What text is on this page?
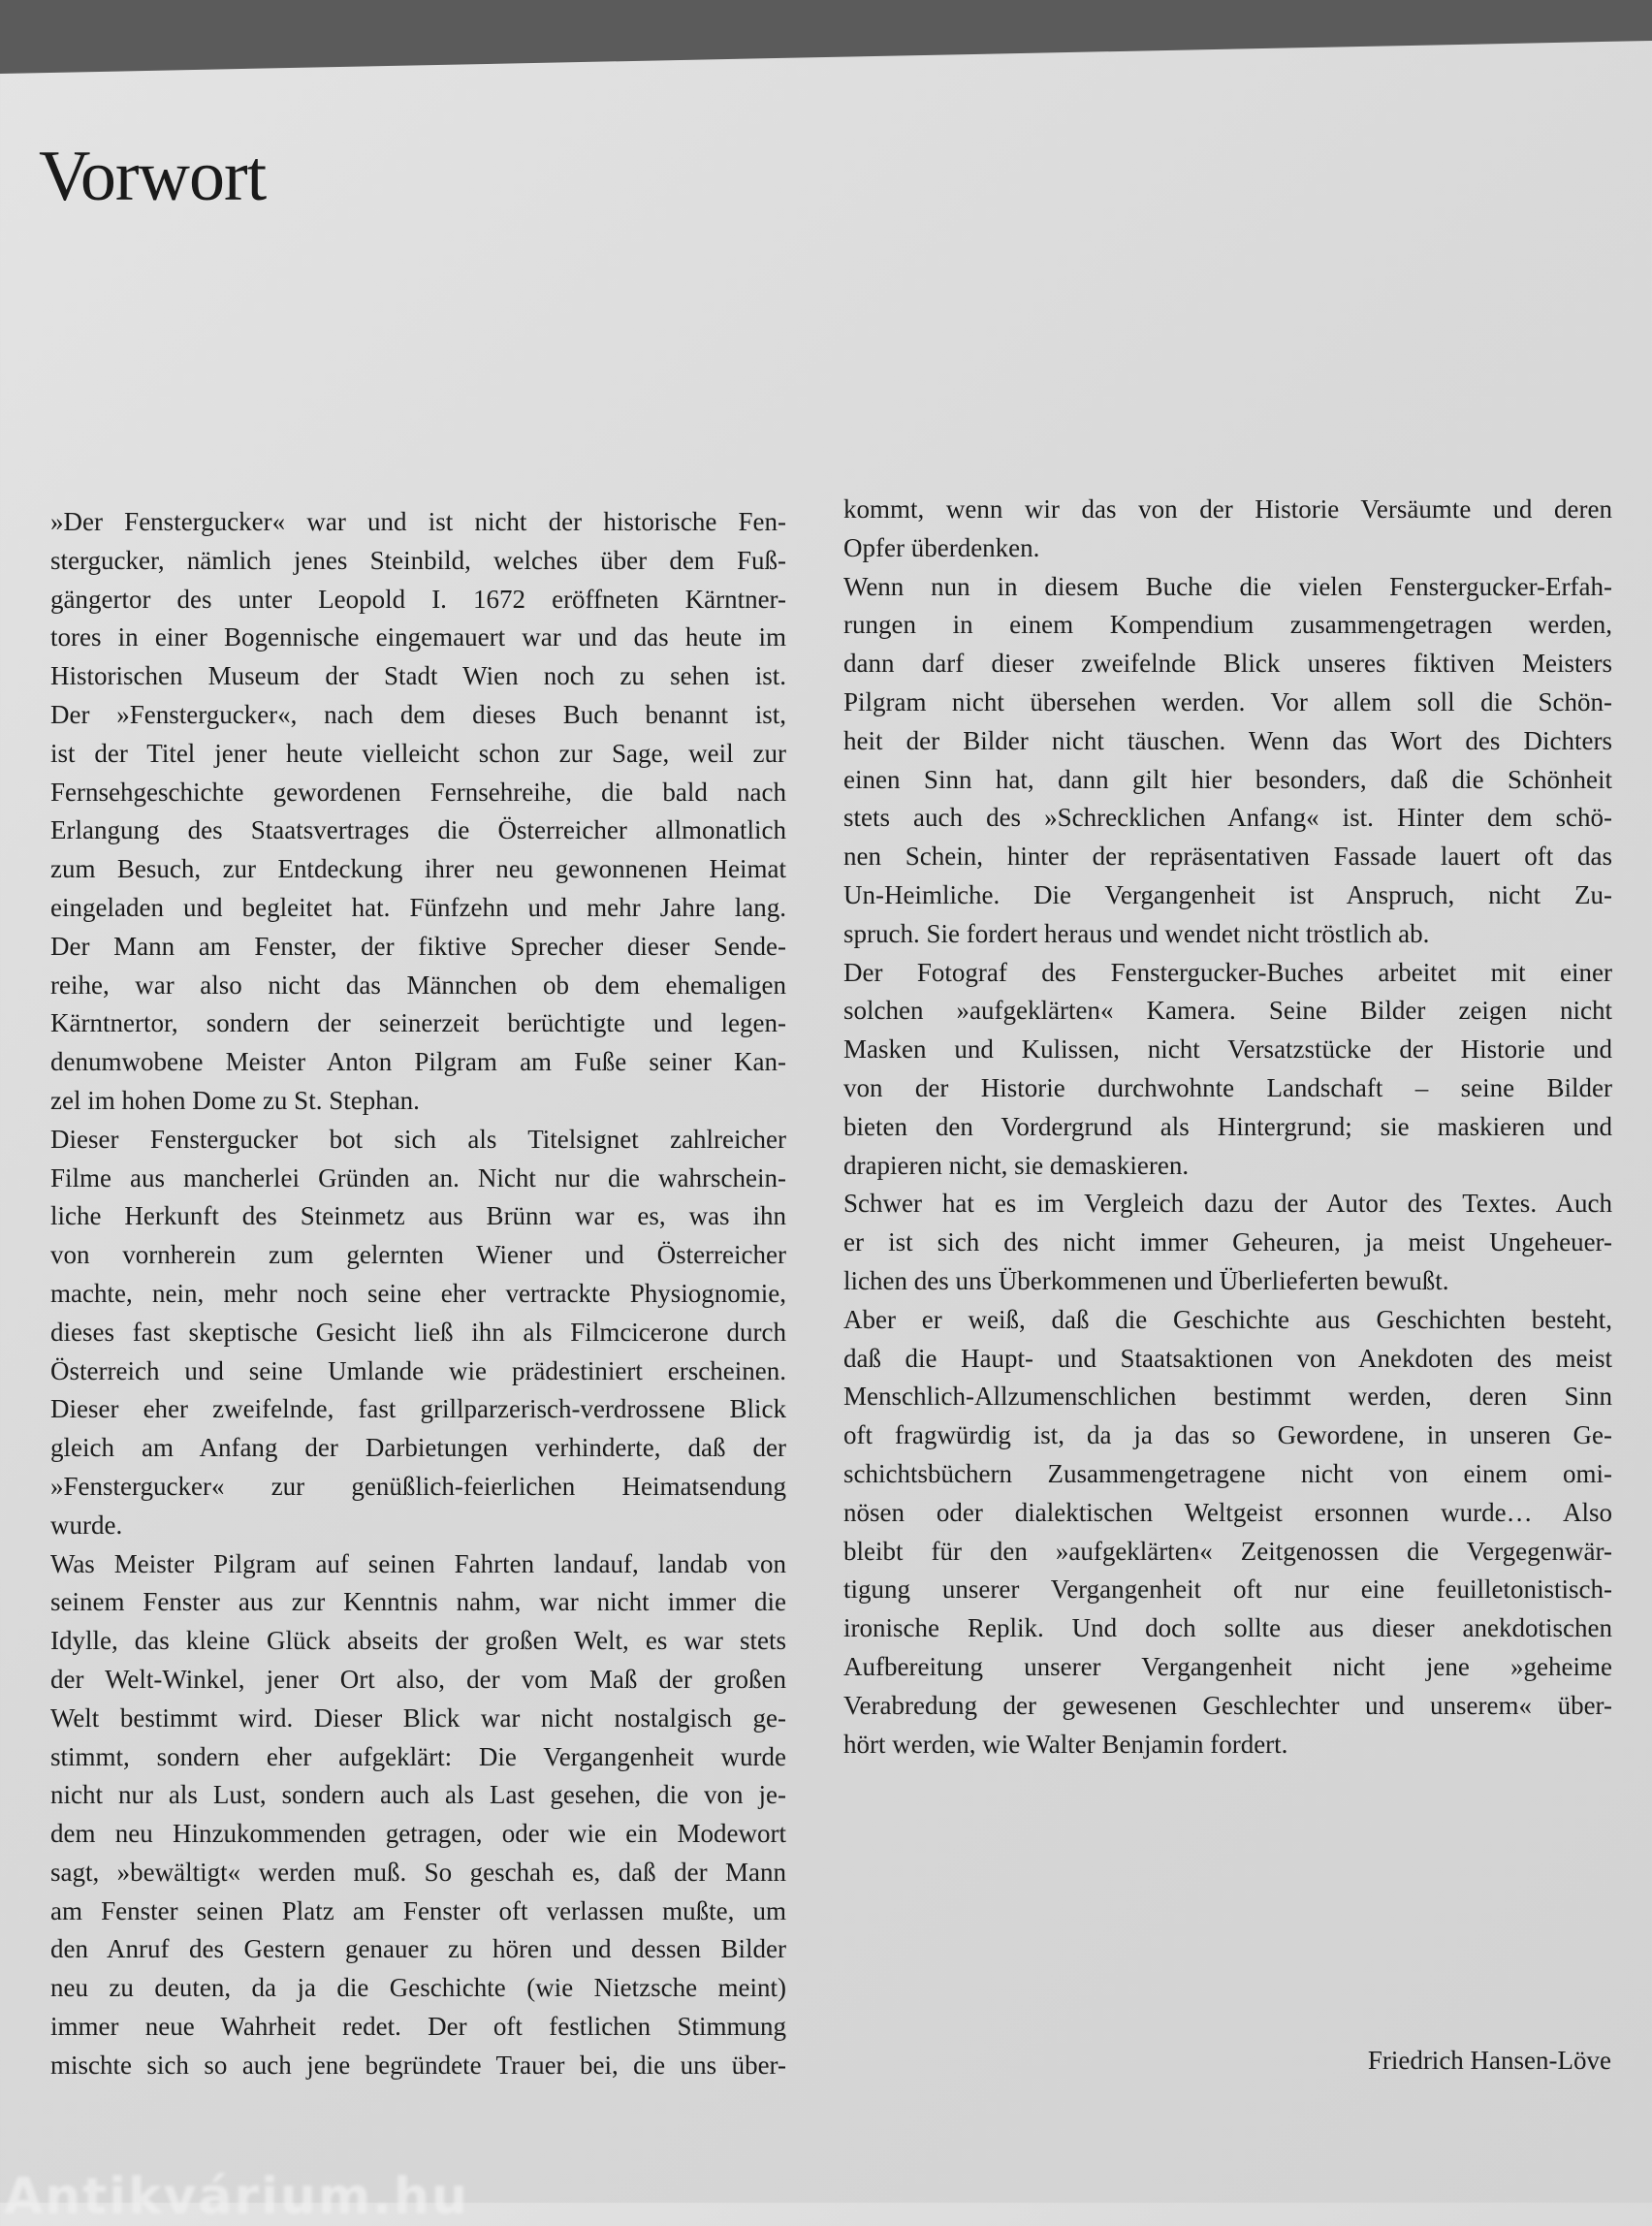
Vorwort
»Der Fenstergucker« war und ist nicht der historische Fen-
stergucker, nämlich jenes Steinbild, welches über dem Fuß-
gängertor des unter Leopold I. 1672 eröffneten Kärntner-
tores in einer Bogennische eingemauert war und das heute im
Historischen Museum der Stadt Wien noch zu sehen ist.
Der »Fenstergucker«, nach dem dieses Buch benannt ist,
ist der Titel jener heute vielleicht schon zur Sage, weil zur
Fernsehgeschichte gewordenen Fernsehreihe, die bald nach
Erlangung des Staatsvertrages die Österreicher allmonatlich
zum Besuch, zur Entdeckung ihrer neu gewonnenen Heimat
eingeladen und begleitet hat. Fünfzehn und mehr Jahre lang.
Der Mann am Fenster, der fiktive Sprecher dieser Sende-
reihe, war also nicht das Männchen ob dem ehemaligen
Kärntnertor, sondern der seinerzeit berüchtigte und legen-
denumwobene Meister Anton Pilgram am Fuße seiner Kan-
zel im hohen Dome zu St. Stephan.
Dieser Fenstergucker bot sich als Titelsignet zahlreicher
Filme aus mancherlei Gründen an. Nicht nur die wahrschein-
liche Herkunft des Steinmetz aus Brünn war es, was ihn
von vornherein zum gelernten Wiener und Österreicher
machte, nein, mehr noch seine eher vertrackte Physiognomie,
dieses fast skeptische Gesicht ließ ihn als Filmcicerone durch
Österreich und seine Umlande wie prädestiniert erscheinen.
Dieser eher zweifelnde, fast grillparzerisch-verdrossene Blick
gleich am Anfang der Darbietungen verhinderte, daß der
»Fenstergucker« zur genüßlich-feierlichen Heimatsendung
wurde.
Was Meister Pilgram auf seinen Fahrten landauf, landab von
seinem Fenster aus zur Kenntnis nahm, war nicht immer die
Idylle, das kleine Glück abseits der großen Welt, es war stets
der Welt-Winkel, jener Ort also, der vom Maß der großen
Welt bestimmt wird. Dieser Blick war nicht nostalgisch ge-
stimmt, sondern eher aufgeklärt: Die Vergangenheit wurde
nicht nur als Lust, sondern auch als Last gesehen, die von je-
dem neu Hinzukommenden getragen, oder wie ein Modewort
sagt, »bewältigt« werden muß. So geschah es, daß der Mann
am Fenster seinen Platz am Fenster oft verlassen mußte, um
den Anruf des Gestern genauer zu hören und dessen Bilder
neu zu deuten, da ja die Geschichte (wie Nietzsche meint)
immer neue Wahrheit redet. Der oft festlichen Stimmung
mischte sich so auch jene begründete Trauer bei, die uns über-
kommt, wenn wir das von der Historie Versäumte und deren
Opfer überdenken.
Wenn nun in diesem Buche die vielen Fenstergucker-Erfah-
rungen in einem Kompendium zusammengetragen werden,
dann darf dieser zweifelnde Blick unseres fiktiven Meisters
Pilgram nicht übersehen werden. Vor allem soll die Schön-
heit der Bilder nicht täuschen. Wenn das Wort des Dichters
einen Sinn hat, dann gilt hier besonders, daß die Schönheit
stets auch des »Schrecklichen Anfang« ist. Hinter dem schö-
nen Schein, hinter der repräsentativen Fassade lauert oft das
Un-Heimliche. Die Vergangenheit ist Anspruch, nicht Zu-
spruch. Sie fordert heraus und wendet nicht tröstlich ab.
Der Fotograf des Fenstergucker-Buches arbeitet mit einer
solchen »aufgeklärten« Kamera. Seine Bilder zeigen nicht
Masken und Kulissen, nicht Versatzstücke der Historie und
von der Historie durchwohnte Landschaft – seine Bilder
bieten den Vordergrund als Hintergrund; sie maskieren und
drapieren nicht, sie demaskieren.
Schwer hat es im Vergleich dazu der Autor des Textes. Auch
er ist sich des nicht immer Geheuren, ja meist Ungeheuer-
lichen des uns Überkommenen und Überlieferten bewußt.
Aber er weiß, daß die Geschichte aus Geschichten besteht,
daß die Haupt- und Staatsaktionen von Anekdoten des meist
Menschlich-Allzumenschlichen bestimmt werden, deren Sinn
oft fragwürdig ist, da ja das so Gewordene, in unseren Ge-
schichtsbüchern Zusammengetragene nicht von einem omi-
nösen oder dialektischen Weltgeist ersonnen wurde… Also
bleibt für den »aufgeklärten« Zeitgenossen die Vergegenwär-
tigung unserer Vergangenheit oft nur eine feuilletonistisch-
ironische Replik. Und doch sollte aus dieser anekdotischen
Aufbereitung unserer Vergangenheit nicht jene »geheime
Verabredung der gewesenen Geschlechter und unserem« über-
hört werden, wie Walter Benjamin fordert.
Friedrich Hansen-Löve
Antikvárium.hu
